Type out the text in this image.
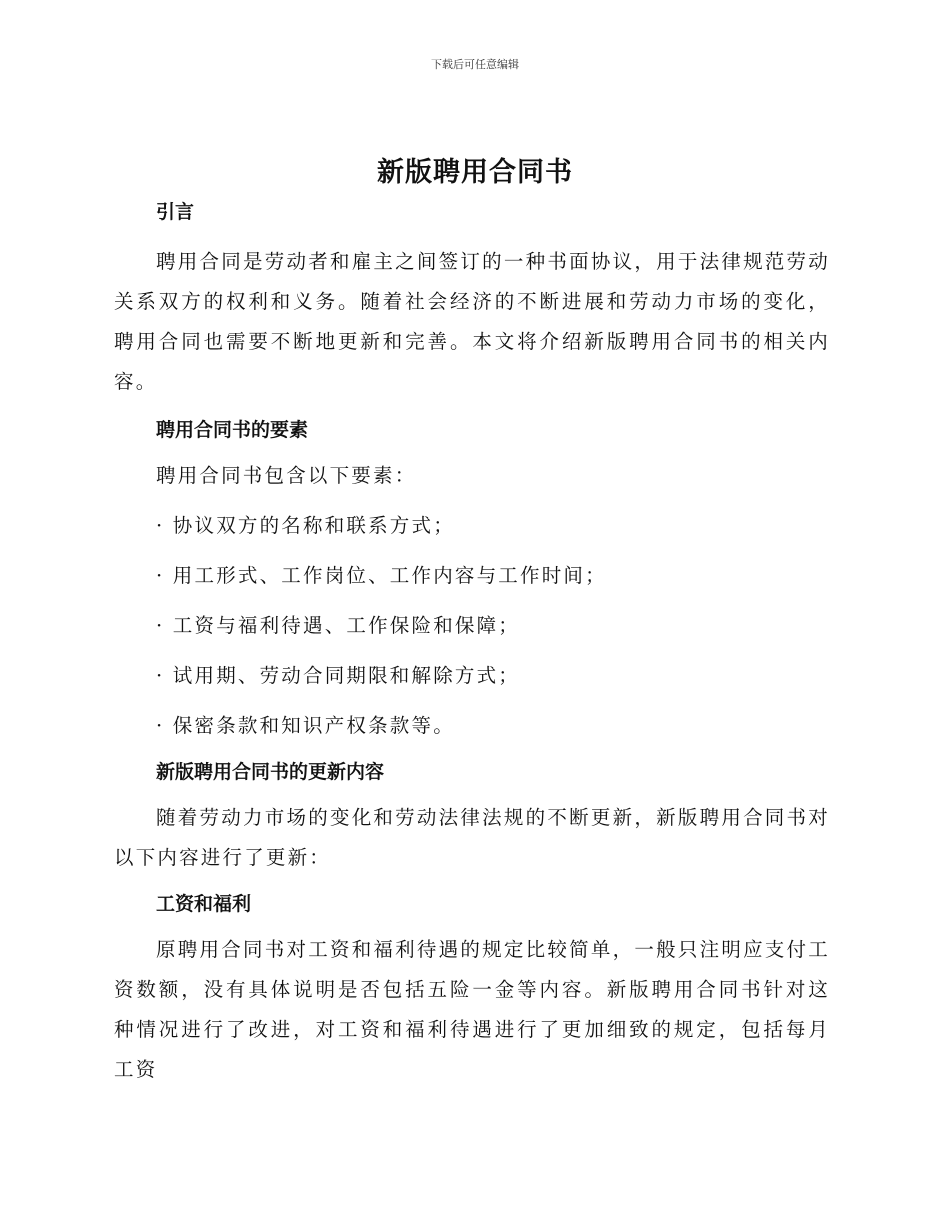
下载后可任意编辑
新版聘用合同书
引言

聘用合同是劳动者和雇主之间签订的一种书面协议，用于法律规范劳动关系双方的权利和义务。随着社会经济的不断进展和劳动力市场的变化，聘用合同也需要不断地更新和完善。本文将介绍新版聘用合同书的相关内容。

聘用合同书的要素

聘用合同书包含以下要素：

· 协议双方的名称和联系方式；

· 用工形式、工作岗位、工作内容与工作时间；

· 工资与福利待遇、工作保险和保障；

· 试用期、劳动合同期限和解除方式；

· 保密条款和知识产权条款等。

新版聘用合同书的更新内容

随着劳动力市场的变化和劳动法律法规的不断更新，新版聘用合同书对以下内容进行了更新：

工资和福利

原聘用合同书对工资和福利待遇的规定比较简单，一般只注明应支付工资数额，没有具体说明是否包括五险一金等内容。新版聘用合同书针对这种情况进行了改进，对工资和福利待遇进行了更加细致的规定，包括每月工资
